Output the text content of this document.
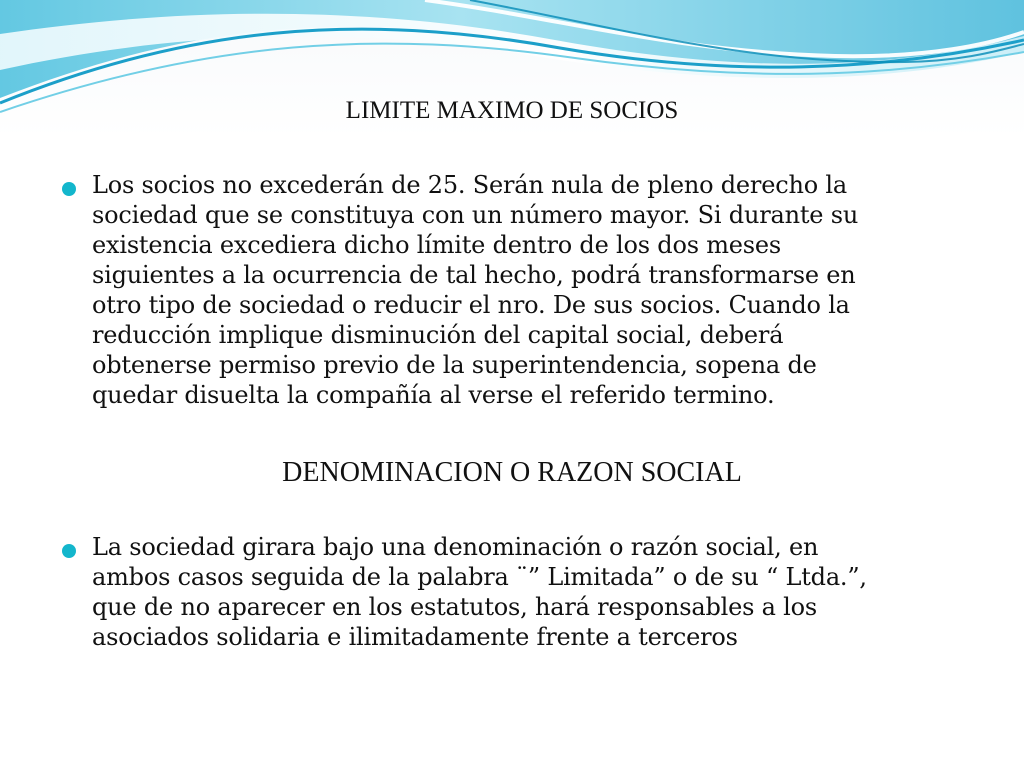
LIMITE MAXIMO DE SOCIOS

Los socios no excederán de 25. Serán nula de pleno derecho la
sociedad que se constituya con un número mayor. Si durante su
existencia excediera dicho límite dentro de los dos meses
siguientes a la ocurrencia de tal hecho, podrá transformarse en
otro tipo de sociedad o reducir el nro. De sus socios. Cuando la
reducción implique disminución del capital social, deberá
obtenerse permiso previo de la superintendencia, sopena de
quedar disuelta la compañía al verse el referido termino.

DENOMINACION O RAZON SOCIAL

La sociedad girara bajo una denominación o razón social, en
ambos casos seguida de la palabra ¨” Limitada” o de su “ Ltda.”,
que de no aparecer en los estatutos, hará responsables a los
asociados solidaria e ilimitadamente frente a terceros
